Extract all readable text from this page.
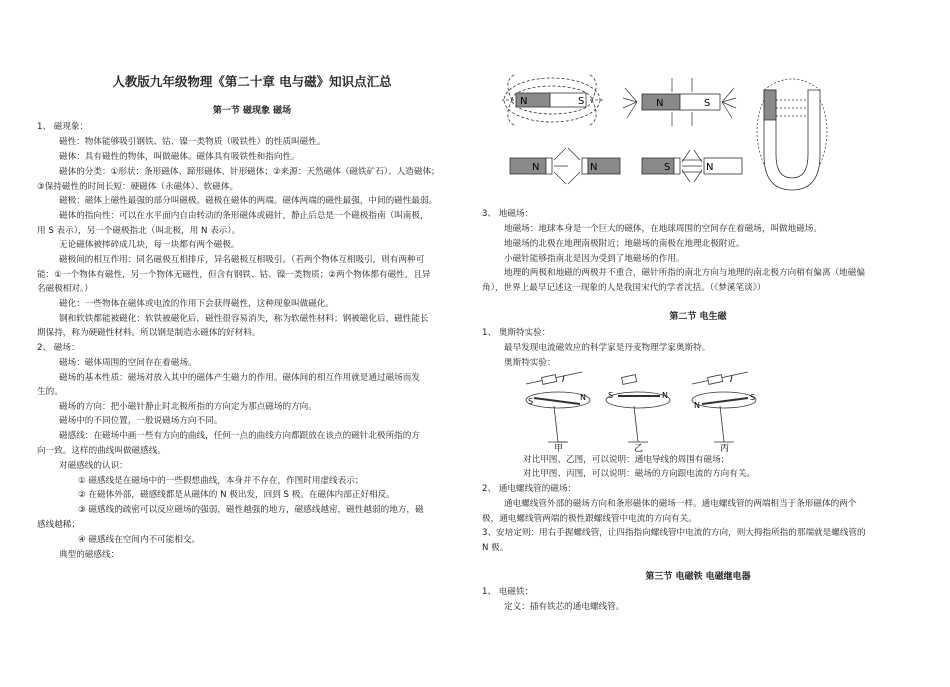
人教版九年级物理《第二十章 电与磁》知识点汇总
第一节 磁现象 磁场
1、 磁现象：
磁性：物体能够吸引钢铁、钴、镍一类物质（吸铁性）的性质叫磁性。
磁体：具有磁性的物体，叫做磁体。磁体具有吸铁性和指向性。
磁体的分类：①形状：条形磁体、蹄形磁体、针形磁体；②来源：天然磁体（磁铁矿石）、人造磁体；
③保持磁性的时间长短：硬磁体（永磁体）、软磁体。
磁极：磁体上磁性最强的部分叫磁极。磁极在磁体的两端。磁体两端的磁性最强，中间的磁性最弱。
磁体的指向性：可以在水平面内自由转动的条形磁体或磁针，静止后总是一个磁极指南（叫南极，
用 S 表示），另一个磁极指北（叫北极，用 N 表示）。
无论磁体被摔碎成几块，每一块都有两个磁极。
磁极间的相互作用：同名磁极互相排斥，异名磁极互相吸引。（若两个物体互相吸引，则有两种可
能：①一个物体有磁性，另一个物体无磁性，但含有钢铁、钴、镍一类物质；②两个物体都有磁性，且异
名磁极相对。）
磁化：一些物体在磁体或电流的作用下会获得磁性，这种现象叫做磁化。
钢和软铁都能被磁化：软铁被磁化后，磁性很容易消失，称为软磁性材料；钢被磁化后，磁性能长
期保持，称为硬磁性材料。所以钢是制造永磁体的好材料。
2、 磁场：
磁场：磁体周围的空间存在着磁场。
磁场的基本性质：磁场对放入其中的磁体产生磁力的作用。磁体间的相互作用就是通过磁场而发
生的。
磁场的方向：把小磁针静止时北极所指的方向定为那点磁场的方向。
磁场中的不同位置，一般说磁场方向不同。
磁感线：在磁场中画一些有方向的曲线，任何一点的曲线方向都跟放在该点的磁针北极所指的方
向一致。这样的曲线叫做磁感线。
对磁感线的认识：
① 磁感线是在磁场中的一些假想曲线，本身并不存在，作图时用虚线表示；
② 在磁体外部，磁感线都是从磁体的 N 极出发，回到 S 极。在磁体内部正好相反。
③ 磁感线的疏密可以反应磁场的强弱，磁性越强的地方，磁感线越密，磁性越弱的地方，磁
感线越稀；
④ 磁感线在空间内不可能相交。
典型的磁感线：
N	S	N	S
N	N	S	N
3、 地磁场：
地磁场：地球本身是一个巨大的磁体，在地球周围的空间存在着磁场，叫做地磁场。
地磁场的北极在地理南极附近；地磁场的南极在地理北极附近。
小磁针能够指南北是因为受到了地磁场的作用。
地理的两极和地磁的两极并不重合，磁针所指的南北方向与地理的南北极方向稍有偏离（地磁偏
角），世界上最早记述这一现象的人是我国宋代的学者沈括。（《梦溪笔谈》）
第二节 电生磁
1、 奥斯特实验：
最早发现电流磁效应的科学家是丹麦物理学家奥斯特。
奥斯特实验：
I	I
N
S
N
S
N
S
甲	乙	丙
对比甲图、乙图，可以说明：通电导线的周围有磁场；
对比甲图、丙图，可以说明：磁场的方向跟电流的方向有关。
2、 通电螺线管的磁场：
通电螺线管外部的磁场方向和条形磁体的磁场一样。通电螺线管的两端相当于条形磁体的两个
极，通电螺线管两端的极性跟螺线管中电流的方向有关。
3、安培定则：用右手握螺线管，让四指指向螺线管中电流的方向，则大拇指所指的那端就是螺线管的
N 极。
第三节 电磁铁 电磁继电器
1、 电磁铁：
定义：插有铁芯的通电螺线管。
